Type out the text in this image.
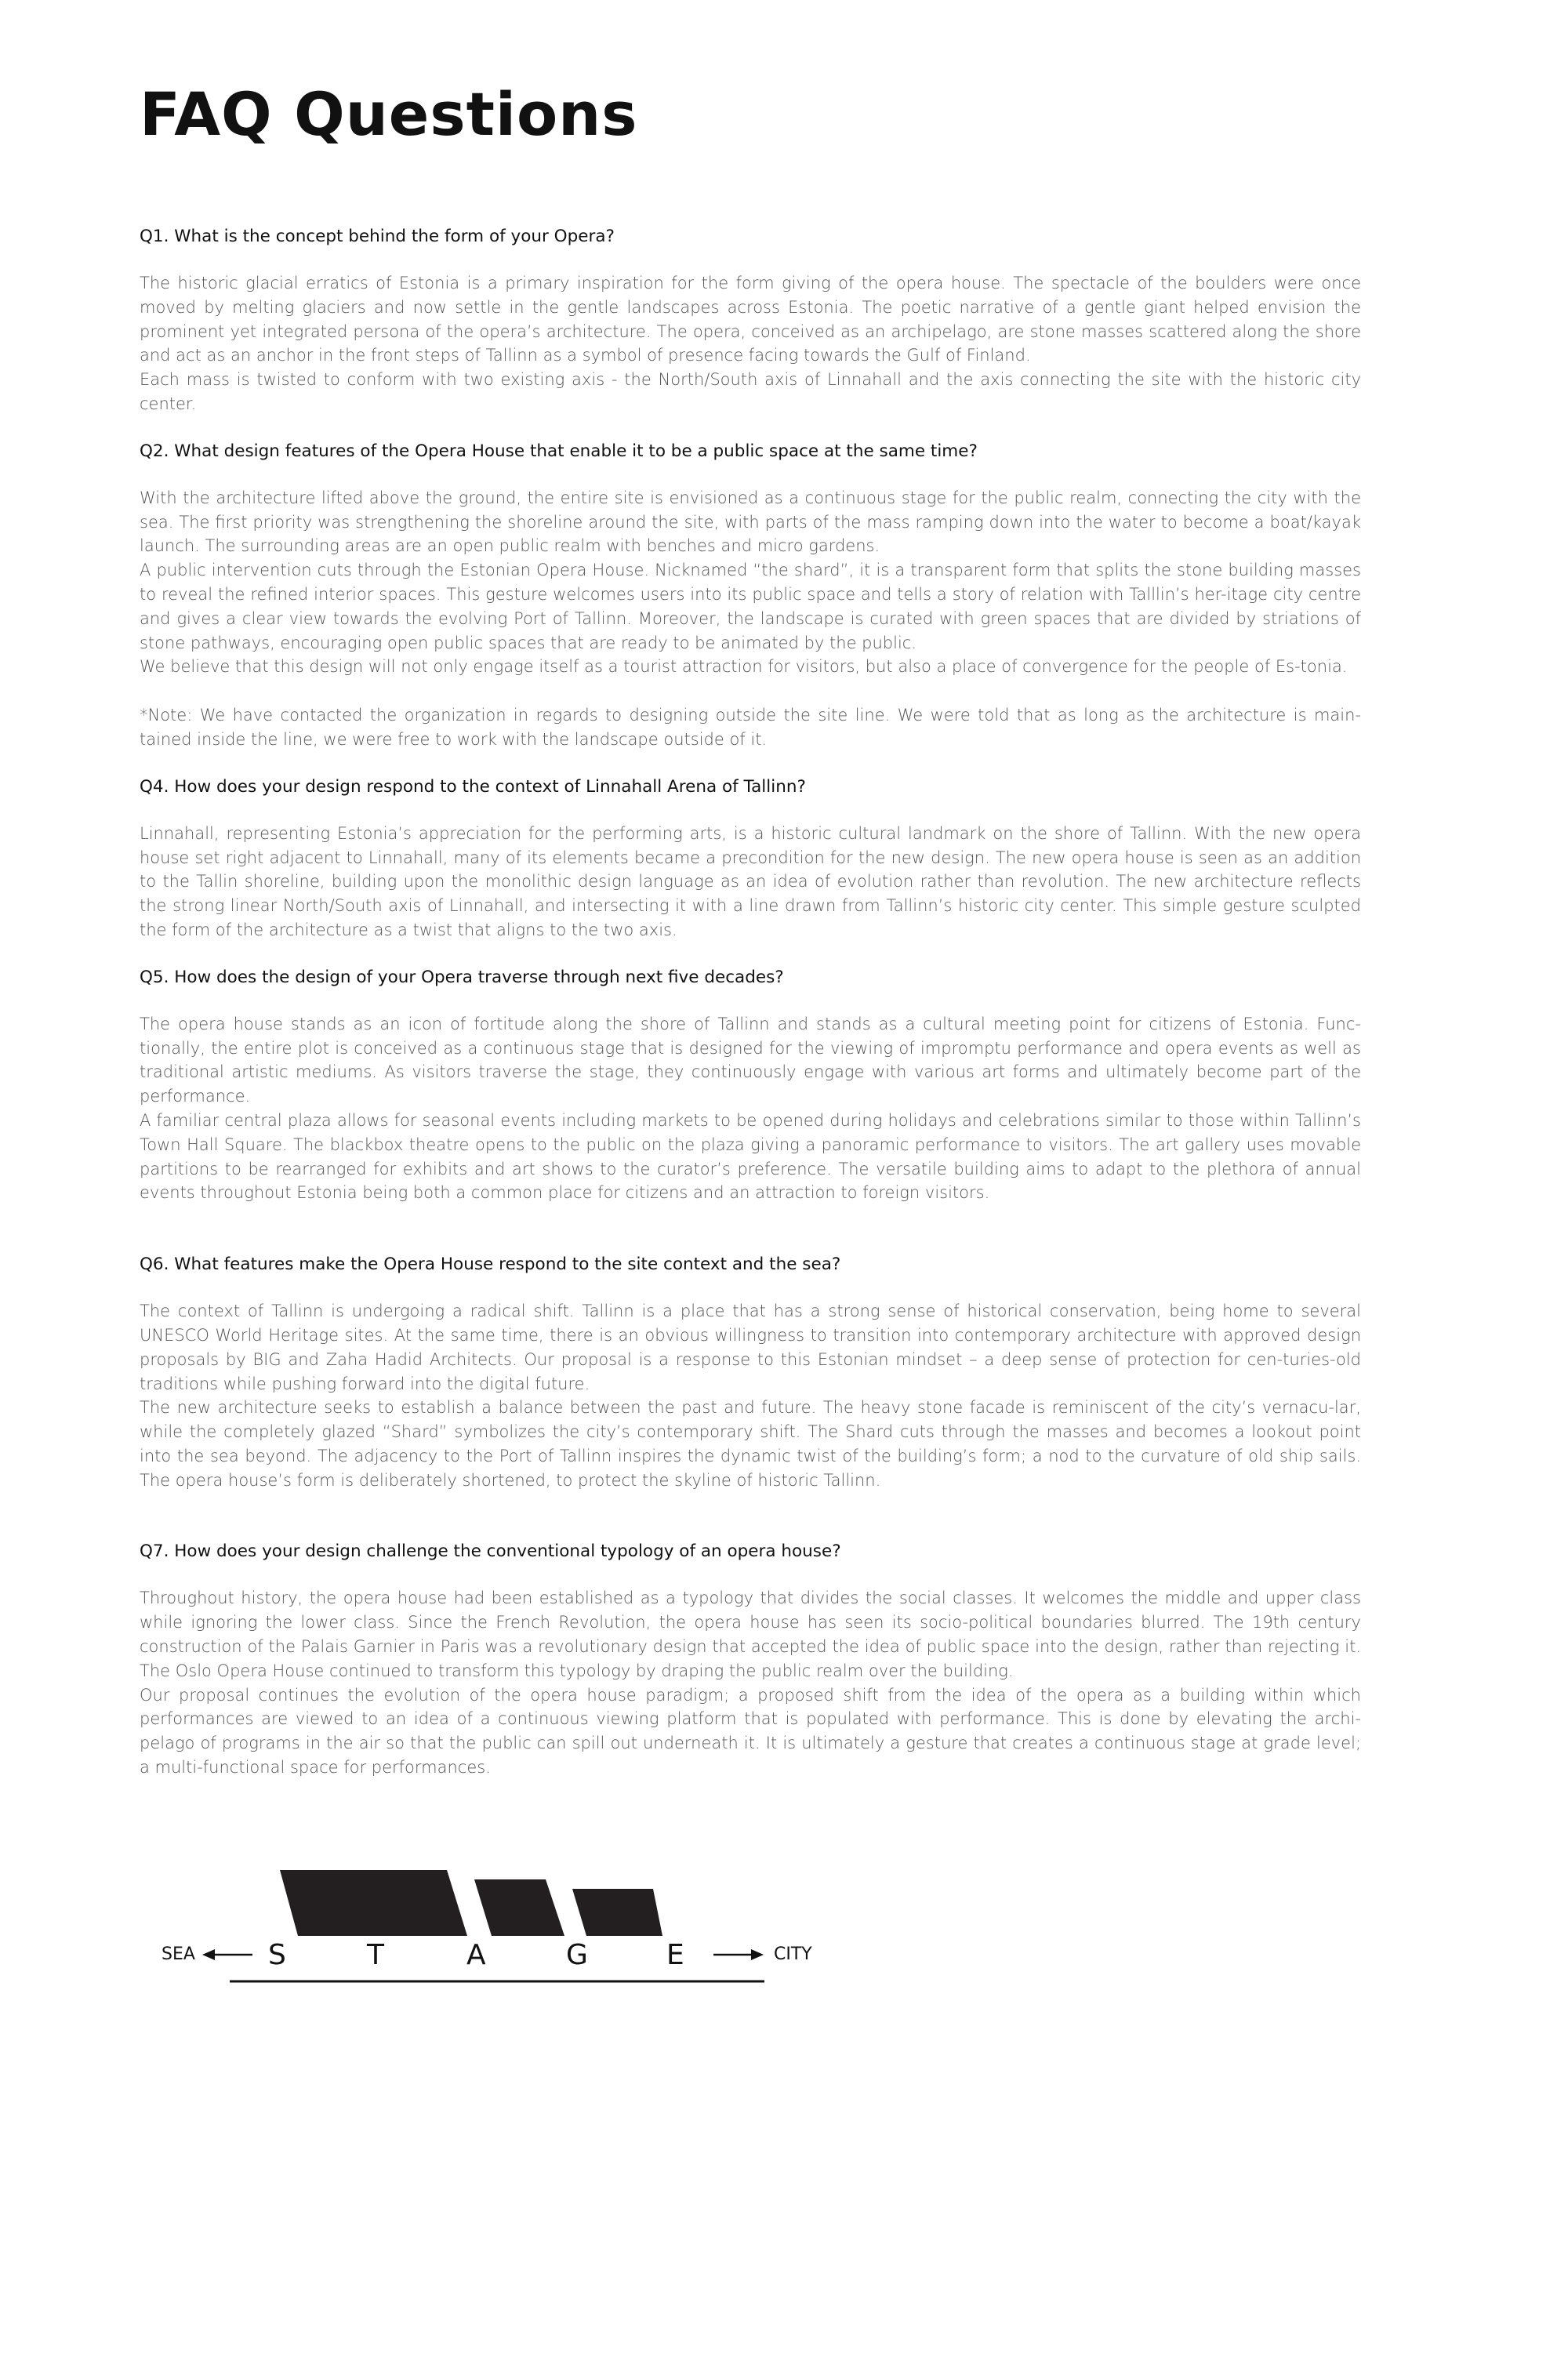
FAQ Questions

Q1. What is the concept behind the form of your Opera?

The historic glacial erratics of Estonia is a primary inspiration for the form giving of the opera house. The spectacle of the boulders were once moved by melting glaciers and now settle in the gentle landscapes across Estonia. The poetic narrative of a gentle giant helped envision the prominent yet integrated persona of the opera’s architecture. The opera, conceived as an archipelago, are stone masses scattered along the shore and act as an anchor in the front steps of Tallinn as a symbol of presence facing towards the Gulf of Finland.

Each mass is twisted to conform with two existing axis - the North/South axis of Linnahall and the axis connecting the site with the historic city center.

Q2. What design features of the Opera House that enable it to be a public space at the same time?

With the architecture lifted above the ground, the entire site is envisioned as a continuous stage for the public realm, connecting the city with the sea. The first priority was strengthening the shoreline around the site, with parts of the mass ramping down into the water to become a boat/kayak launch. The surrounding areas are an open public realm with benches and micro gardens.

A public intervention cuts through the Estonian Opera House. Nicknamed “the shard”, it is a transparent form that splits the stone building masses to reveal the refined interior spaces. This gesture welcomes users into its public space and tells a story of relation with Talllin’s her-itage city centre and gives a clear view towards the evolving Port of Tallinn. Moreover, the landscape is curated with green spaces that are divided by striations of stone pathways, encouraging open public spaces that are ready to be animated by the public.

We believe that this design will not only engage itself as a tourist attraction for visitors, but also a place of convergence for the people of Es-tonia.

*Note: We have contacted the organization in regards to designing outside the site line. We were told that as long as the architecture is main-tained inside the line, we were free to work with the landscape outside of it.

Q4. How does your design respond to the context of Linnahall Arena of Tallinn?

Linnahall, representing Estonia’s appreciation for the performing arts, is a historic cultural landmark on the shore of Tallinn. With the new opera house set right adjacent to Linnahall, many of its elements became a precondition for the new design. The new opera house is seen as an addition to the Tallin shoreline, building upon the monolithic design language as an idea of evolution rather than revolution. The new architecture reflects the strong linear North/South axis of Linnahall, and intersecting it with a line drawn from Tallinn’s historic city center. This simple gesture sculpted the form of the architecture as a twist that aligns to the two axis.

Q5. How does the design of your Opera traverse through next five decades?

The opera house stands as an icon of fortitude along the shore of Tallinn and stands as a cultural meeting point for citizens of Estonia. Func-tionally, the entire plot is conceived as a continuous stage that is designed for the viewing of impromptu performance and opera events as well as traditional artistic mediums. As visitors traverse the stage, they continuously engage with various art forms and ultimately become part of the performance.

A familiar central plaza allows for seasonal events including markets to be opened during holidays and celebrations similar to those within Tallinn’s Town Hall Square. The blackbox theatre opens to the public on the plaza giving a panoramic performance to visitors. The art gallery uses movable partitions to be rearranged for exhibits and art shows to the curator’s preference. The versatile building aims to adapt to the plethora of annual events throughout Estonia being both a common place for citizens and an attraction to foreign visitors.

Q6. What features make the Opera House respond to the site context and the sea?

The context of Tallinn is undergoing a radical shift. Tallinn is a place that has a strong sense of historical conservation, being home to several UNESCO World Heritage sites. At the same time, there is an obvious willingness to transition into contemporary architecture with approved design proposals by BIG and Zaha Hadid Architects. Our proposal is a response to this Estonian mindset – a deep sense of protection for cen-turies-old traditions while pushing forward into the digital future.

The new architecture seeks to establish a balance between the past and future. The heavy stone facade is reminiscent of the city’s vernacu-lar, while the completely glazed “Shard” symbolizes the city’s contemporary shift. The Shard cuts through the masses and becomes a lookout point into the sea beyond. The adjacency to the Port of Tallinn inspires the dynamic twist of the building’s form; a nod to the curvature of old ship sails. The opera house’s form is deliberately shortened, to protect the skyline of historic Tallinn.

Q7. How does your design challenge the conventional typology of an opera house?

Throughout history, the opera house had been established as a typology that divides the social classes. It welcomes the middle and upper class while ignoring the lower class. Since the French Revolution, the opera house has seen its socio-political boundaries blurred. The 19th century construction of the Palais Garnier in Paris was a revolutionary design that accepted the idea of public space into the design, rather than rejecting it. The Oslo Opera House continued to transform this typology by draping the public realm over the building.

Our proposal continues the evolution of the opera house paradigm; a proposed shift from the idea of the opera as a building within which performances are viewed to an idea of a continuous viewing platform that is populated with performance. This is done by elevating the archi-pelago of programs in the air so that the public can spill out underneath it. It is ultimately a gesture that creates a continuous stage at grade level; a multi-functional space for performances.

SEA	CITY
S	T	A	G	E
